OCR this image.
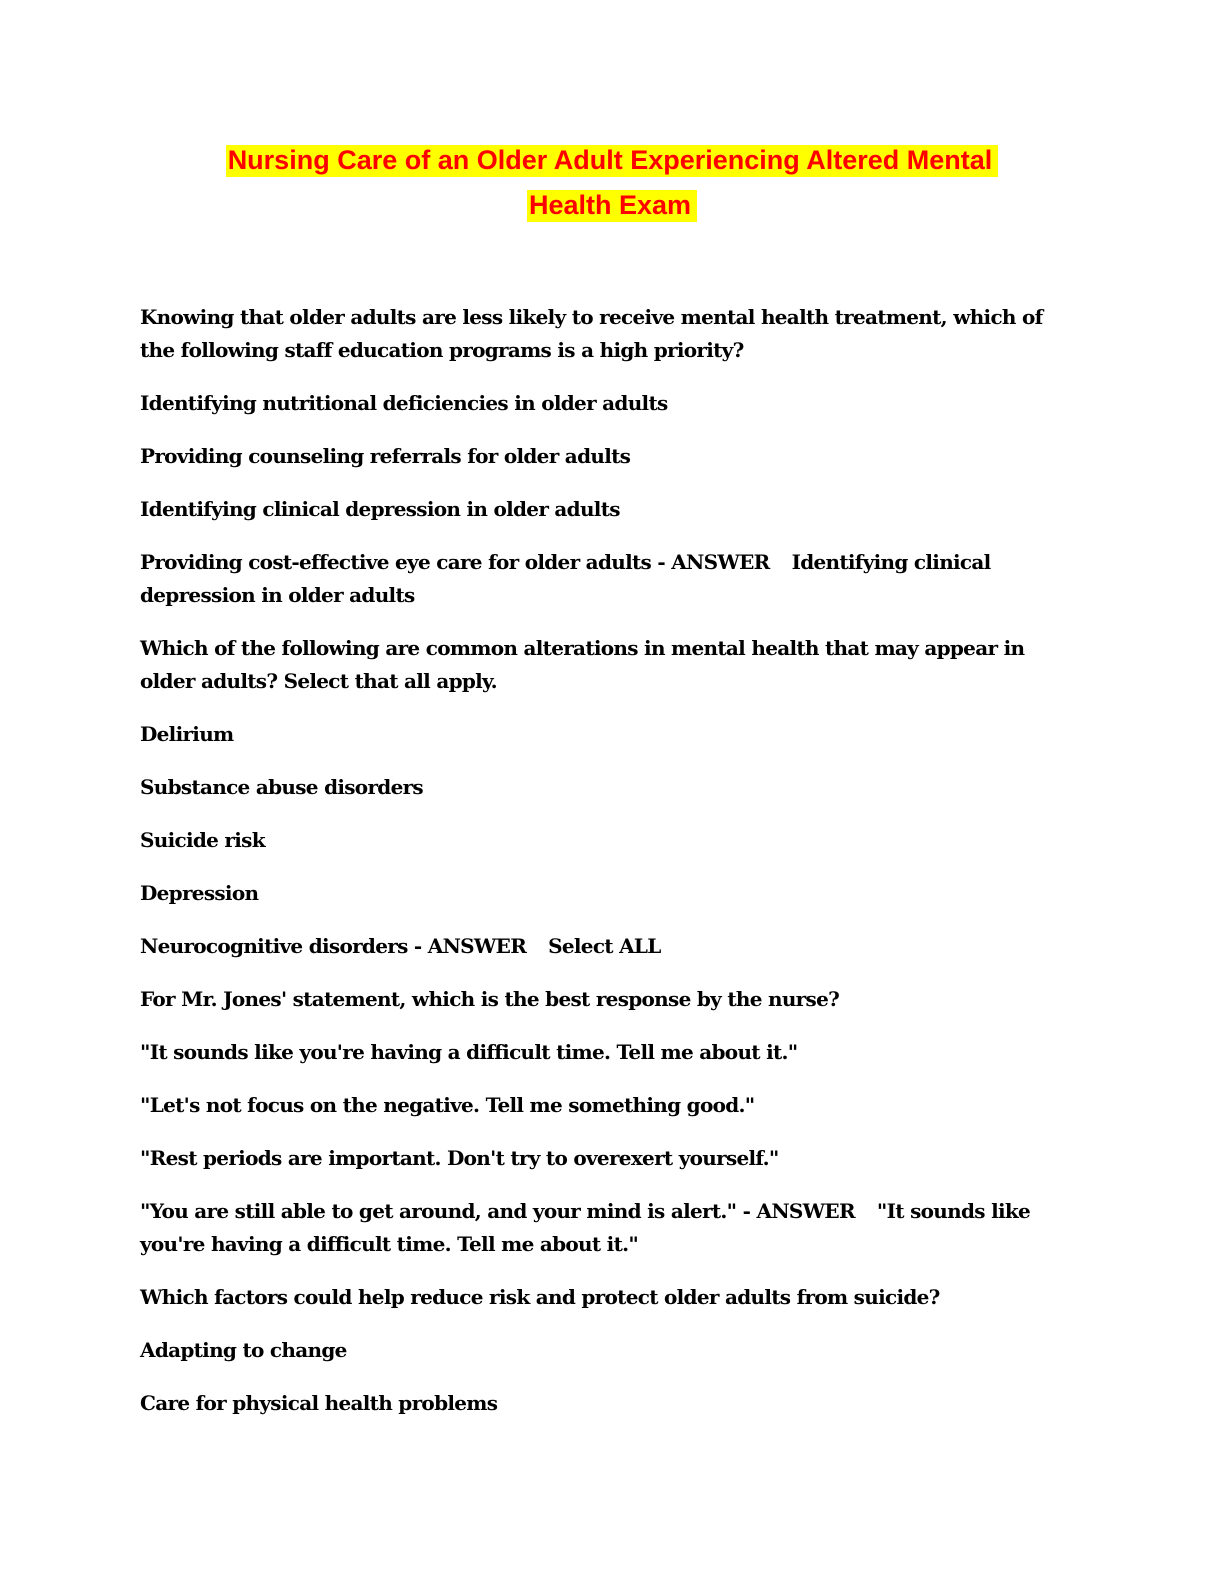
Nursing Care of an Older Adult Experiencing Altered Mental
Health Exam

Knowing that older adults are less likely to receive mental health treatment, which of the following staff education programs is a high priority?

Identifying nutritional deficiencies in older adults

Providing counseling referrals for older adults

Identifying clinical depression in older adults

Providing cost-effective eye care for older adults - ANSWER Identifying clinical depression in older adults

Which of the following are common alterations in mental health that may appear in older adults? Select that all apply.

Delirium

Substance abuse disorders

Suicide risk

Depression

Neurocognitive disorders - ANSWER Select ALL

For Mr. Jones' statement, which is the best response by the nurse?

"It sounds like you're having a difficult time. Tell me about it."

"Let's not focus on the negative. Tell me something good."

"Rest periods are important. Don't try to overexert yourself."

"You are still able to get around, and your mind is alert." - ANSWER "It sounds like you're having a difficult time. Tell me about it."

Which factors could help reduce risk and protect older adults from suicide?

Adapting to change

Care for physical health problems
